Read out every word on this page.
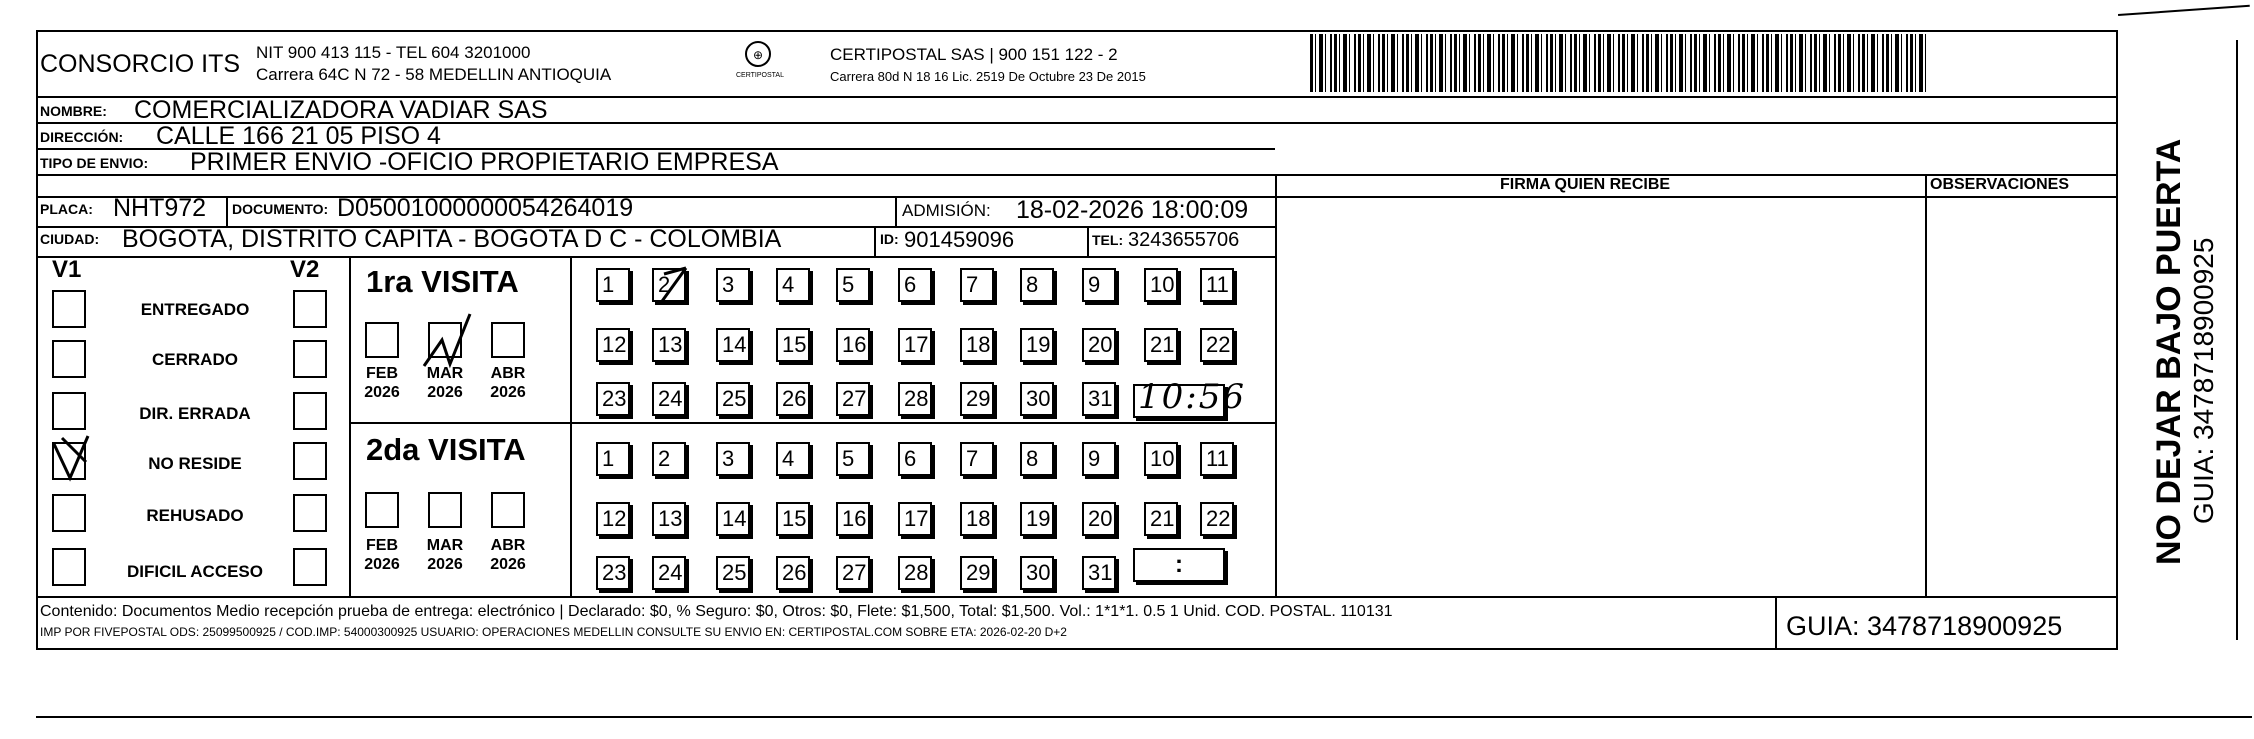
CONSORCIO ITS NIT 900 413 115 - TEL 604 3201000
Carrera 64C N 72 - 58 MEDELLIN ANTIOQUIA
⊕
CERTIPOSTAL
CERTIPOSTAL SAS | 900 151 122 - 2
Carrera 80d N 18 16 Lic. 2519 De Octubre 23 De 2015
NOMBRE: COMERCIALIZADORA VADIAR SAS
DIRECCIÓN: CALLE 166 21 05 PISO 4
TIPO DE ENVIO: PRIMER ENVIO -OFICIO PROPIETARIO EMPRESA
PLACA: NHT972 DOCUMENTO: D05001000000054264019	ADMISIÓN: 18-02-2026 18:00:09
CIUDAD: BOGOTA, DISTRITO CAPITA - BOGOTA D C - COLOMBIA	ID: 901459096	TEL: 3243655706
FIRMA QUIEN RECIBE	OBSERVACIONES
V1	V2
ENTREGADO
CERRADO
DIR. ERRADA
NO RESIDE
REHUSADO
DIFICIL ACCESO
1ra VISITA
FEB
2026
MAR
2026
ABR
2026
2da VISITA
FEB
2026
MAR
2026
ABR
2026
1	2	3	4	5	6	7	8	9	10 11
12 13 14 15 16 17 18 19 20 21 22
23 24 25 26 27 28 29 30 31
1	2	3	4	5	6	7	8	9	10 11
12 13 14 15 16 17 18 19 20 21 22
23 24 25 26 27 28 29 30 31
10:56
:
Contenido: Documentos Medio recepción prueba de entrega: electrónico | Declarado: $0, % Seguro: $0, Otros: $0, Flete: $1,500, Total: $1,500. Vol.: 1*1*1. 0.5 1 Unid. COD. POSTAL. 110131
IMP POR FIVEPOSTAL ODS: 25099500925 / COD.IMP: 54000300925 USUARIO: OPERACIONES MEDELLIN CONSULTE SU ENVIO EN: CERTIPOSTAL.COM SOBRE ETA: 2026-02-20 D+2	GUIA: 3478718900925
NO DEJAR BAJO PUERTA GUIA: 3478718900925
